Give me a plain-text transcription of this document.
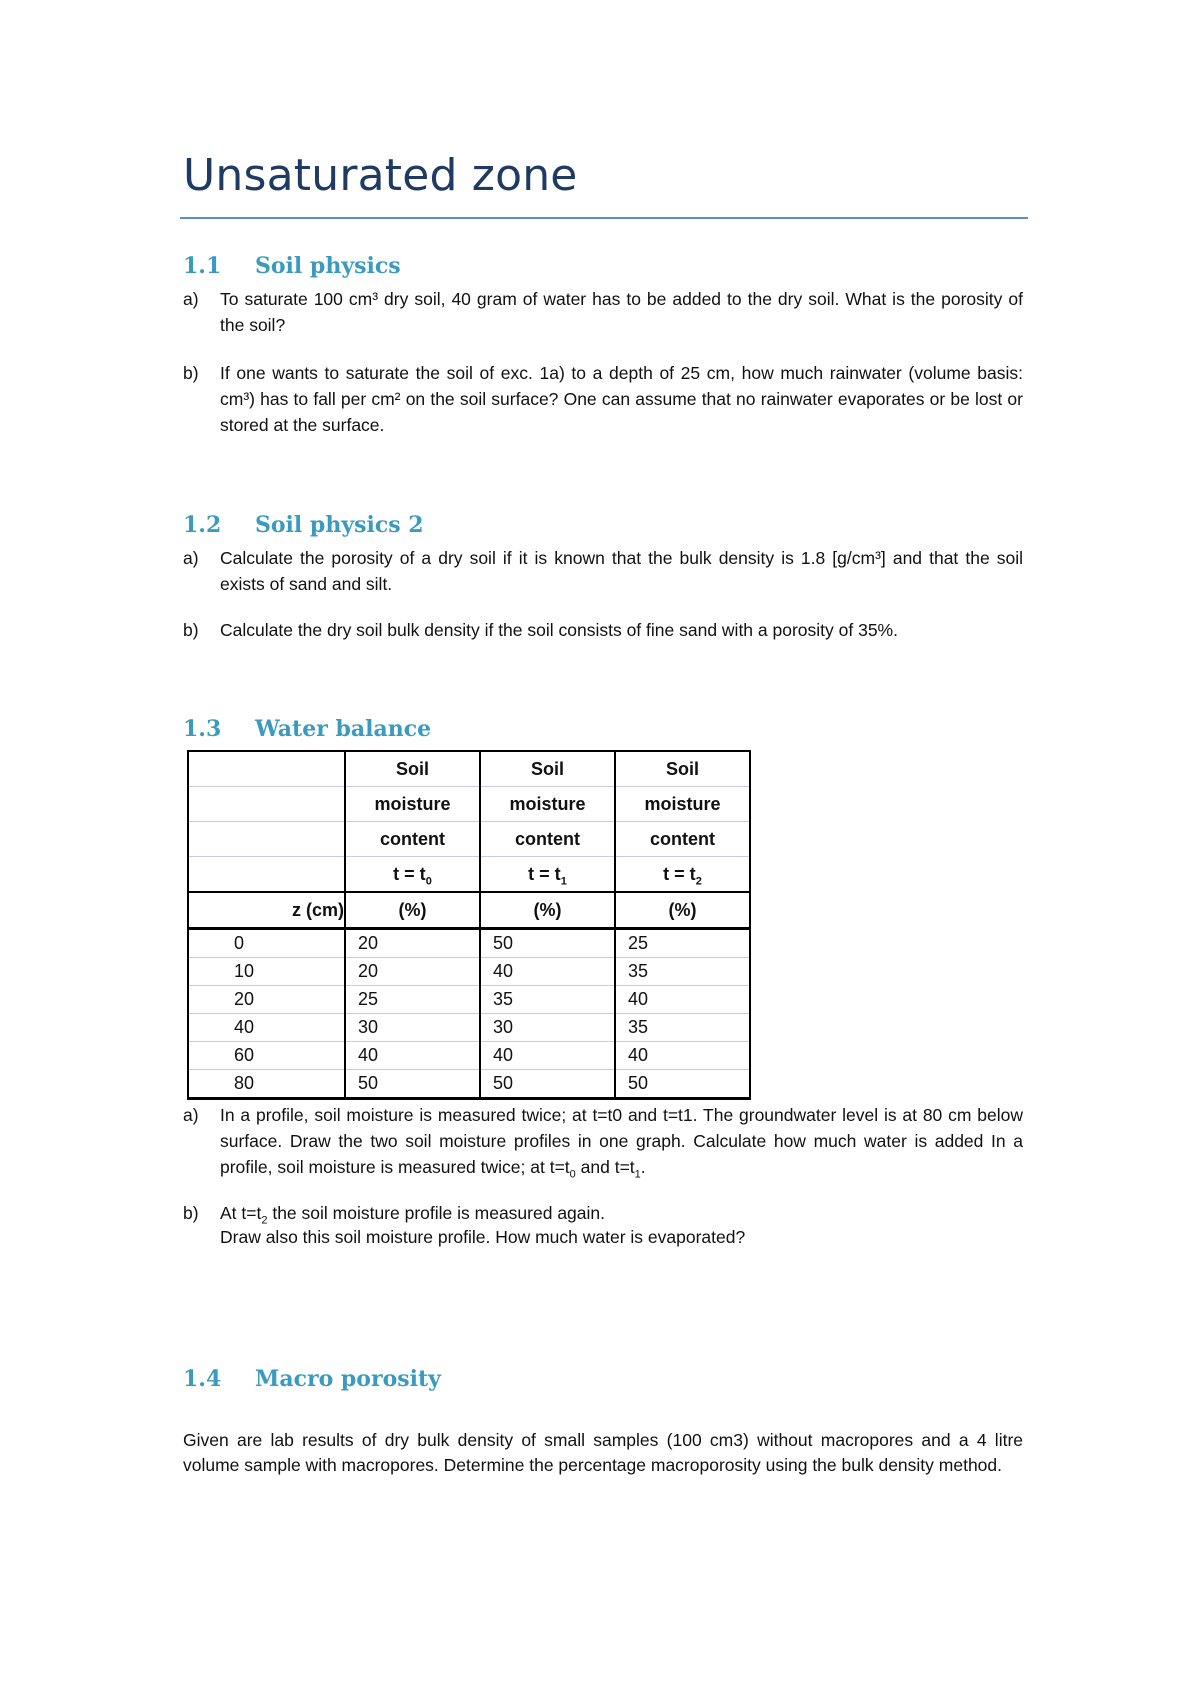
Unsaturated zone
1.1 Soil physics
a)	To saturate 100 cm³ dry soil, 40 gram of water has to be added to the dry soil. What is the porosity of the soil?
b)	If one wants to saturate the soil of exc. 1a) to a depth of 25 cm, how much rainwater (volume basis: cm³) has to fall per cm² on the soil surface? One can assume that no rainwater evaporates or be lost or stored at the surface.
1.2 Soil physics 2
a)	Calculate the porosity of a dry soil if it is known that the bulk density is 1.8 [g/cm³] and that the soil exists of sand and silt.
b)	Calculate the dry soil bulk density if the soil consists of fine sand with a porosity of 35%.
1.3 Water balance
	Soil	Soil	Soil
	moisture	moisture	moisture
	content	content	content
	$t = t_0$	$t = t_1$	$t = t_2$
z (cm)	(%)	(%)	(%)
0	20	50	25
10	20	40	35
20	25	35	40
40	30	30	35
60	40	40	40
80	50	50	50
a)	In a profile, soil moisture is measured twice; at t=t0 and t=t1. The groundwater level is at 80 cm below surface. Draw the two soil moisture profiles in one graph. Calculate how much water is added In a profile, soil moisture is measured twice; at $t=t_0$ and $t=t_1$.
b)	At $t=t_2$ the soil moisture profile is measured again.
Draw also this soil moisture profile. How much water is evaporated?
1.4 Macro porosity
Given are lab results of dry bulk density of small samples (100 cm3) without macropores and a 4 litre volume sample with macropores. Determine the percentage macroporosity using the bulk density method.
